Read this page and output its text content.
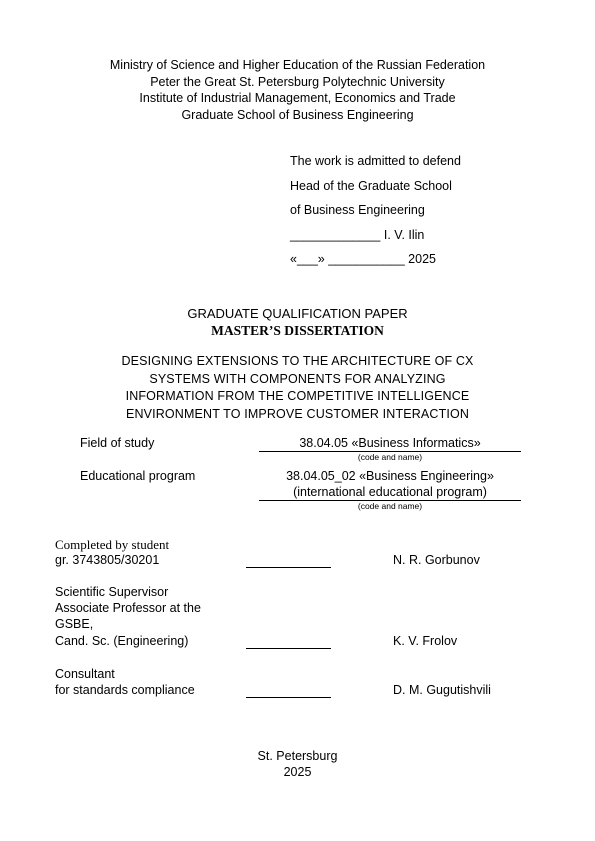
Ministry of Science and Higher Education of the Russian Federation
Peter the Great St. Petersburg Polytechnic University
Institute of Industrial Management, Economics and Trade
Graduate School of Business Engineering
The work is admitted to defend
Head of the Graduate School
of Business Engineering
_____________ I. V. Ilin
«___» ___________ 2025
GRADUATE QUALIFICATION PAPER
MASTER’S DISSERTATION
DESIGNING EXTENSIONS TO THE ARCHITECTURE OF CX
SYSTEMS WITH COMPONENTS FOR ANALYZING
INFORMATION FROM THE COMPETITIVE INTELLIGENCE
ENVIRONMENT TO IMPROVE CUSTOMER INTERACTION
Field of study	38.04.05 «Business Informatics»
(code and name)
Educational program	38.04.05_02 «Business Engineering»
(international educational program)
(code and name)
Completed by student
gr. 3743805/30201	N. R. Gorbunov
Scientific Supervisor
Associate Professor at the
GSBE,
Cand. Sc. (Engineering)	K. V. Frolov
Consultant
for standards compliance	D. M. Gugutishvili
St. Petersburg
2025
